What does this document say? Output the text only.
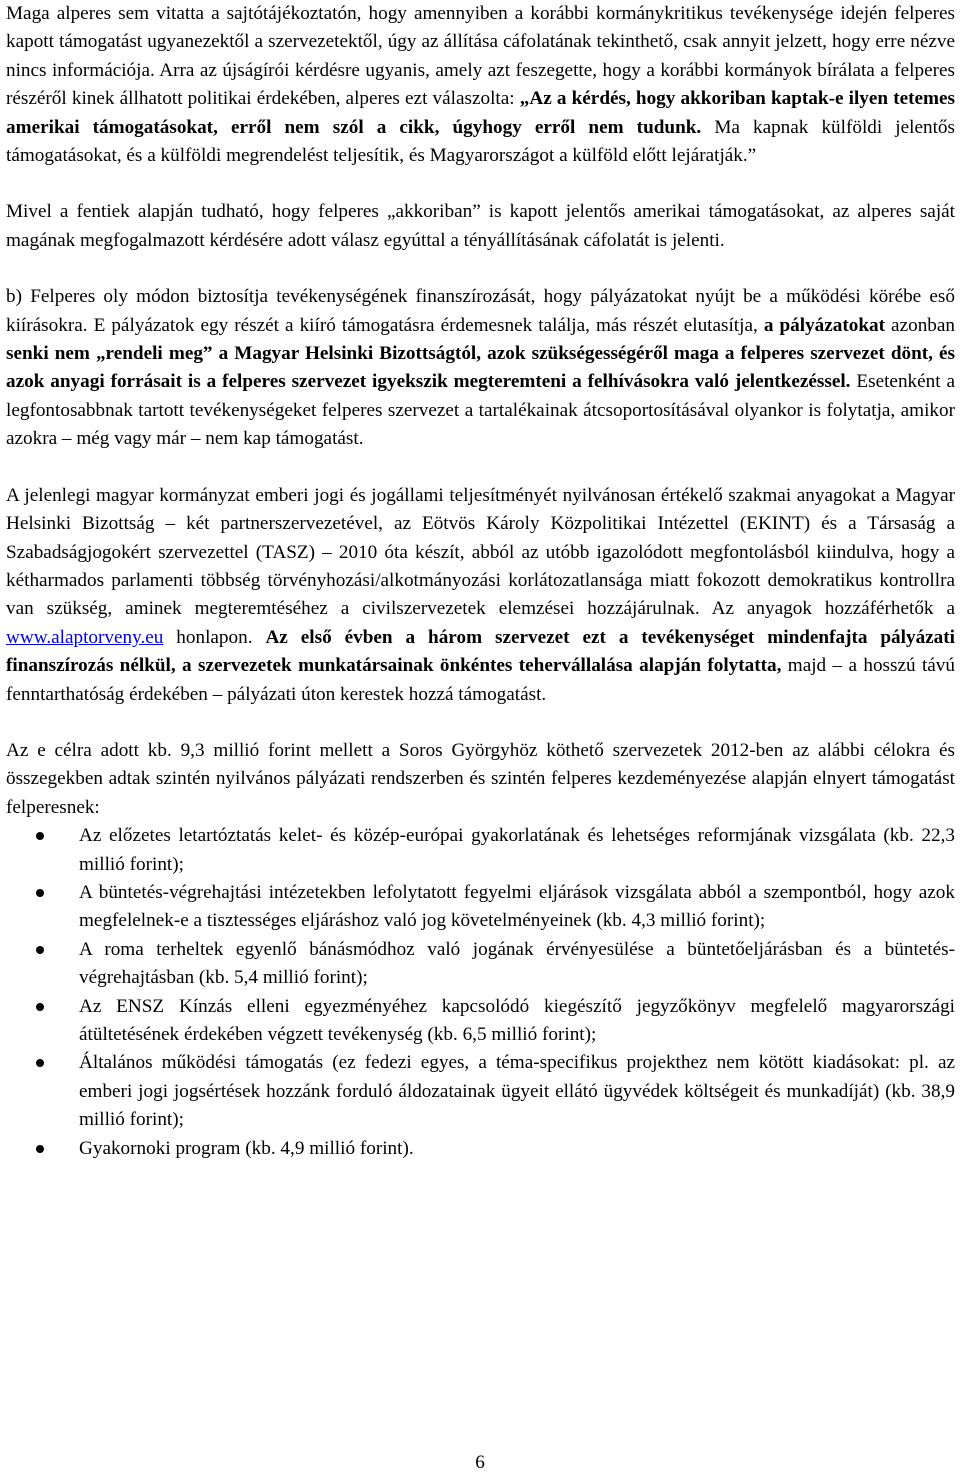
Maga alperes sem vitatta a sajtótájékoztatón, hogy amennyiben a korábbi kormánykritikus tevékenysége idején felperes kapott támogatást ugyanezektől a szervezetektől, úgy az állítása cáfolatának tekinthető, csak annyit jelzett, hogy erre nézve nincs információja. Arra az újságírói kérdésre ugyanis, amely azt feszegette, hogy a korábbi kormányok bírálata a felperes részéről kinek állhatott politikai érdekében, alperes ezt válaszolta: „Az a kérdés, hogy akkoriban kaptak-e ilyen tetemes amerikai támogatásokat, erről nem szól a cikk, úgyhogy erről nem tudunk. Ma kapnak külföldi jelentős támogatásokat, és a külföldi megrendelést teljesítik, és Magyarországot a külföld előtt lejáratják.”

Mivel a fentiek alapján tudható, hogy felperes „akkoriban” is kapott jelentős amerikai támogatásokat, az alperes saját magának megfogalmazott kérdésére adott válasz egyúttal a tényállításának cáfolatát is jelenti.

b) Felperes oly módon biztosítja tevékenységének finanszírozását, hogy pályázatokat nyújt be a működési körébe eső kiírásokra. E pályázatok egy részét a kiíró támogatásra érdemesnek találja, más részét elutasítja, a pályázatokat azonban senki nem „rendeli meg” a Magyar Helsinki Bizottságtól, azok szükségességéről maga a felperes szervezet dönt, és azok anyagi forrásait is a felperes szervezet igyekszik megteremteni a felhívásokra való jelentkezéssel. Esetenként a legfontosabbnak tartott tevékenységeket felperes szervezet a tartalékainak átcsoportosításával olyankor is folytatja, amikor azokra – még vagy már – nem kap támogatást.

A jelenlegi magyar kormányzat emberi jogi és jogállami teljesítményét nyilvánosan értékelő szakmai anyagokat a Magyar Helsinki Bizottság – két partnerszervezetével, az Eötvös Károly Közpolitikai Intézettel (EKINT) és a Társaság a Szabadságjogokért szervezettel (TASZ) – 2010 óta készít, abból az utóbb igazolódott megfontolásból kiindulva, hogy a kétharmados parlamenti többség törvényhozási/alkotmányozási korlátozatlansága miatt fokozott demokratikus kontrollra van szükség, aminek megteremtéséhez a civilszervezetek elemzései hozzájárulnak. Az anyagok hozzáférhetők a www.alaptorveny.eu honlapon. Az első évben a három szervezet ezt a tevékenységet mindenfajta pályázati finanszírozás nélkül, a szervezetek munkatársainak önkéntes tehervállalása alapján folytatta, majd – a hosszú távú fenntarthatóság érdekében – pályázati úton kerestek hozzá támogatást.

Az e célra adott kb. 9,3 millió forint mellett a Soros Györgyhöz köthető szervezetek 2012-ben az alábbi célokra és összegekben adtak szintén nyilvános pályázati rendszerben és szintén felperes kezdeményezése alapján elnyert támogatást felperesnek:

Az előzetes letartóztatás kelet- és közép-európai gyakorlatának és lehetséges reformjának vizsgálata (kb. 22,3 millió forint);
A büntetés-végrehajtási intézetekben lefolytatott fegyelmi eljárások vizsgálata abból a szempontból, hogy azok megfelelnek-e a tisztességes eljáráshoz való jog követelményeinek (kb. 4,3 millió forint);
A roma terheltek egyenlő bánásmódhoz való jogának érvényesülése a büntetőeljárásban és a büntetés-végrehajtásban (kb. 5,4 millió forint);
Az ENSZ Kínzás elleni egyezményéhez kapcsolódó kiegészítő jegyzőkönyv megfelelő magyarországi átültetésének érdekében végzett tevékenység (kb. 6,5 millió forint);
Általános működési támogatás (ez fedezi egyes, a téma-specifikus projekthez nem kötött kiadásokat: pl. az emberi jogi jogsértések hozzánk forduló áldozatainak ügyeit ellátó ügyvédek költségeit és munkadíját) (kb. 38,9 millió forint);
Gyakornoki program (kb. 4,9 millió forint).
6
